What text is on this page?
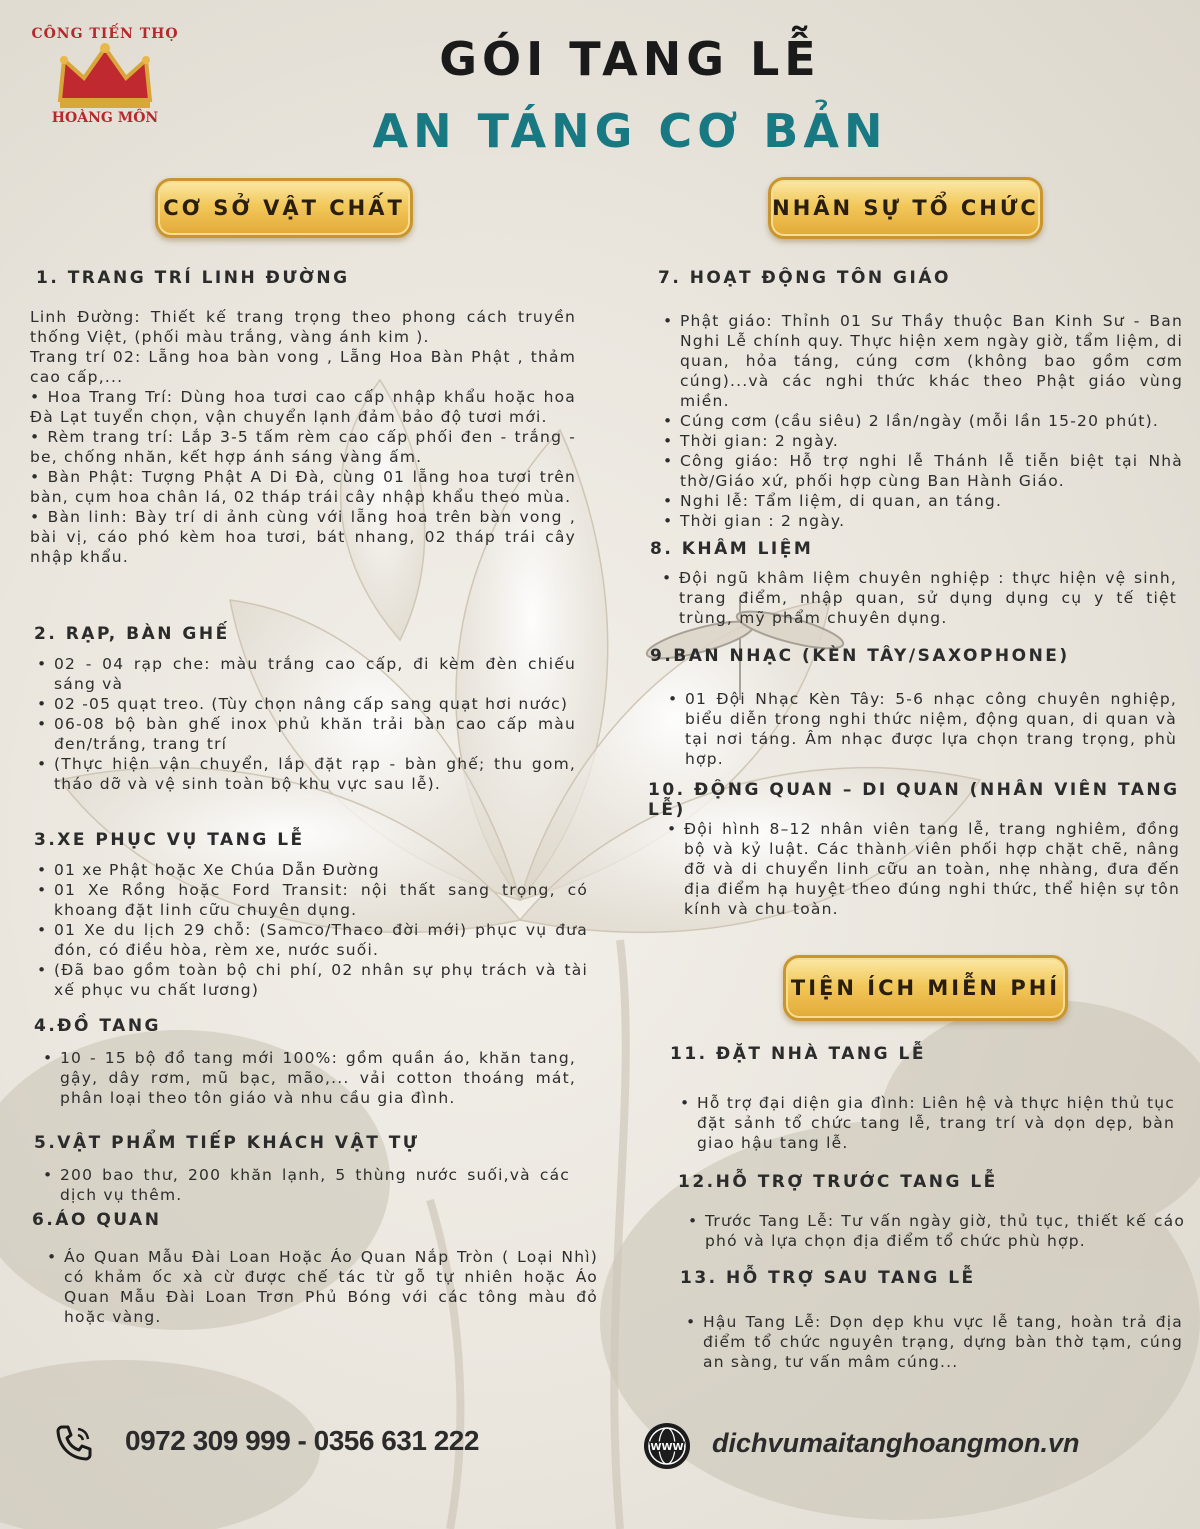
CÔNG TIẾN THỌ
HOÀNG MÔN
GÓI TANG LỄ
AN TÁNG CƠ BẢN
CƠ SỞ VẬT CHẤT	NHÂN SỰ TỔ CHỨC
TIỆN ÍCH MIỄN PHÍ
1. TRANG TRÍ LINH ĐƯỜNG

Linh Đường: Thiết kế trang trọng theo phong cách truyền thống Việt, (phối màu trắng, vàng ánh kim ).

Trang trí 02: Lẵng hoa bàn vong , Lẵng Hoa Bàn Phật , thảm cao cấp,...

• Hoa Trang Trí: Dùng hoa tươi cao cấp nhập khẩu hoặc hoa Đà Lạt tuyển chọn, vận chuyển lạnh đảm bảo độ tươi mới.

• Rèm trang trí: Lắp 3-5 tấm rèm cao cấp phối đen - trắng - be, chống nhăn, kết hợp ánh sáng vàng ấm.

• Bàn Phật: Tượng Phật A Di Đà, cùng 01 lẵng hoa tươi trên bàn, cụm hoa chân lá, 02 tháp trái cây nhập khẩu theo mùa.

• Bàn linh: Bày trí di ảnh cùng với lẵng hoa trên bàn vong , bài vị, cáo phó kèm hoa tươi, bát nhang, 02 tháp trái cây nhập khẩu.

2. RẠP, BÀN GHẾ
• 02 - 04 rạp che: màu trắng cao cấp, đi kèm đèn chiếu sáng và
• 02 -05 quạt treo. (Tùy chọn nâng cấp sang quạt hơi nước)
• 06-08 bộ bàn ghế inox phủ khăn trải bàn cao cấp màu đen/trắng, trang trí
• (Thực hiện vận chuyển, lắp đặt rạp - bàn ghế; thu gom, tháo dỡ và vệ sinh toàn bộ khu vực sau lễ).
3.XE PHỤC VỤ TANG LỄ
• 01 xe Phật hoặc Xe Chúa Dẫn Đường
• 01 Xe Rồng hoặc Ford Transit: nội thất sang trọng, có khoang đặt linh cữu chuyên dụng.
• 01 Xe du lịch 29 chỗ: (Samco/Thaco đời mới) phục vụ đưa đón, có điều hòa, rèm xe, nước suối.
• (Đã bao gồm toàn bộ chi phí, 02 nhân sự phụ trách và tài xế phục vu chất lương)
4.ĐỒ TANG
• 10 - 15 bộ đồ tang mới 100%: gồm quần áo, khăn tang, gậy, dây rơm, mũ bạc, mão,... vải cotton thoáng mát, phân loại theo tôn giáo và nhu cầu gia đình.
5.VẬT PHẨM TIẾP KHÁCH VẬT TỰ
• 200 bao thư, 200 khăn lạnh, 5 thùng nước suối,và các dịch vụ thêm.
6.ÁO QUAN
• Áo Quan Mẫu Đài Loan Hoặc Áo Quan Nắp Tròn ( Loại Nhì) có khảm ốc xà cừ được chế tác từ gỗ tự nhiên hoặc Áo Quan Mẫu Đài Loan Trơn Phủ Bóng với các tông màu đỏ hoặc vàng.
7. HOẠT ĐỘNG TÔN GIÁO
• Phật giáo: Thỉnh 01 Sư Thầy thuộc Ban Kinh Sư - Ban Nghi Lễ chính quy. Thực hiện xem ngày giờ, tẩm liệm, di quan, hỏa táng, cúng cơm (không bao gồm cơm cúng)...và các nghi thức khác theo Phật giáo vùng miền.
• Cúng cơm (cầu siêu) 2 lần/ngày (mỗi lần 15-20 phút).
• Thời gian: 2 ngày.
• Công giáo: Hỗ trợ nghi lễ Thánh lễ tiễn biệt tại Nhà thờ/Giáo xứ, phối hợp cùng Ban Hành Giáo.
• Nghi lễ: Tẩm liệm, di quan, an táng.
• Thời gian : 2 ngày.
8. KHÂM LIỆM
• Đội ngũ khâm liệm chuyên nghiệp : thực hiện vệ sinh, trang điểm, nhập quan, sử dụng dụng cụ y tế tiệt trùng, mỹ phẩm chuyên dụng.
9.BAN NHẠC (KÈN TÂY/SAXOPHONE)
• 01 Đội Nhạc Kèn Tây: 5-6 nhạc công chuyên nghiệp, biểu diễn trong nghi thức niệm, động quan, di quan và tại nơi táng. Âm nhạc được lựa chọn trang trọng, phù hợp.
10. ĐỘNG QUAN – DI QUAN (NHÂN VIÊN TANG LỄ)
• Đội hình 8–12 nhân viên tang lễ, trang nghiêm, đồng bộ và kỷ luật. Các thành viên phối hợp chặt chẽ, nâng đỡ và di chuyển linh cữu an toàn, nhẹ nhàng, đưa đến địa điểm hạ huyệt theo đúng nghi thức, thể hiện sự tôn kính và chu toàn.
11. ĐẶT NHÀ TANG LỄ
• Hỗ trợ đại diện gia đình: Liên hệ và thực hiện thủ tục đặt sảnh tổ chức tang lễ, trang trí và dọn dẹp, bàn giao hậu tang lễ.
12.HỖ TRỢ TRƯỚC TANG LỄ
• Trước Tang Lễ: Tư vấn ngày giờ, thủ tục, thiết kế cáo phó và lựa chọn địa điểm tổ chức phù hợp.
13. HỖ TRỢ SAU TANG LỄ
• Hậu Tang Lễ: Dọn dẹp khu vực lễ tang, hoàn trả địa điểm tổ chức nguyên trạng, dựng bàn thờ tạm, cúng an sàng, tư vấn mâm cúng...
0972 309 999 - 0356 631 222	WWW dichvumaitanghoangmon.vn
